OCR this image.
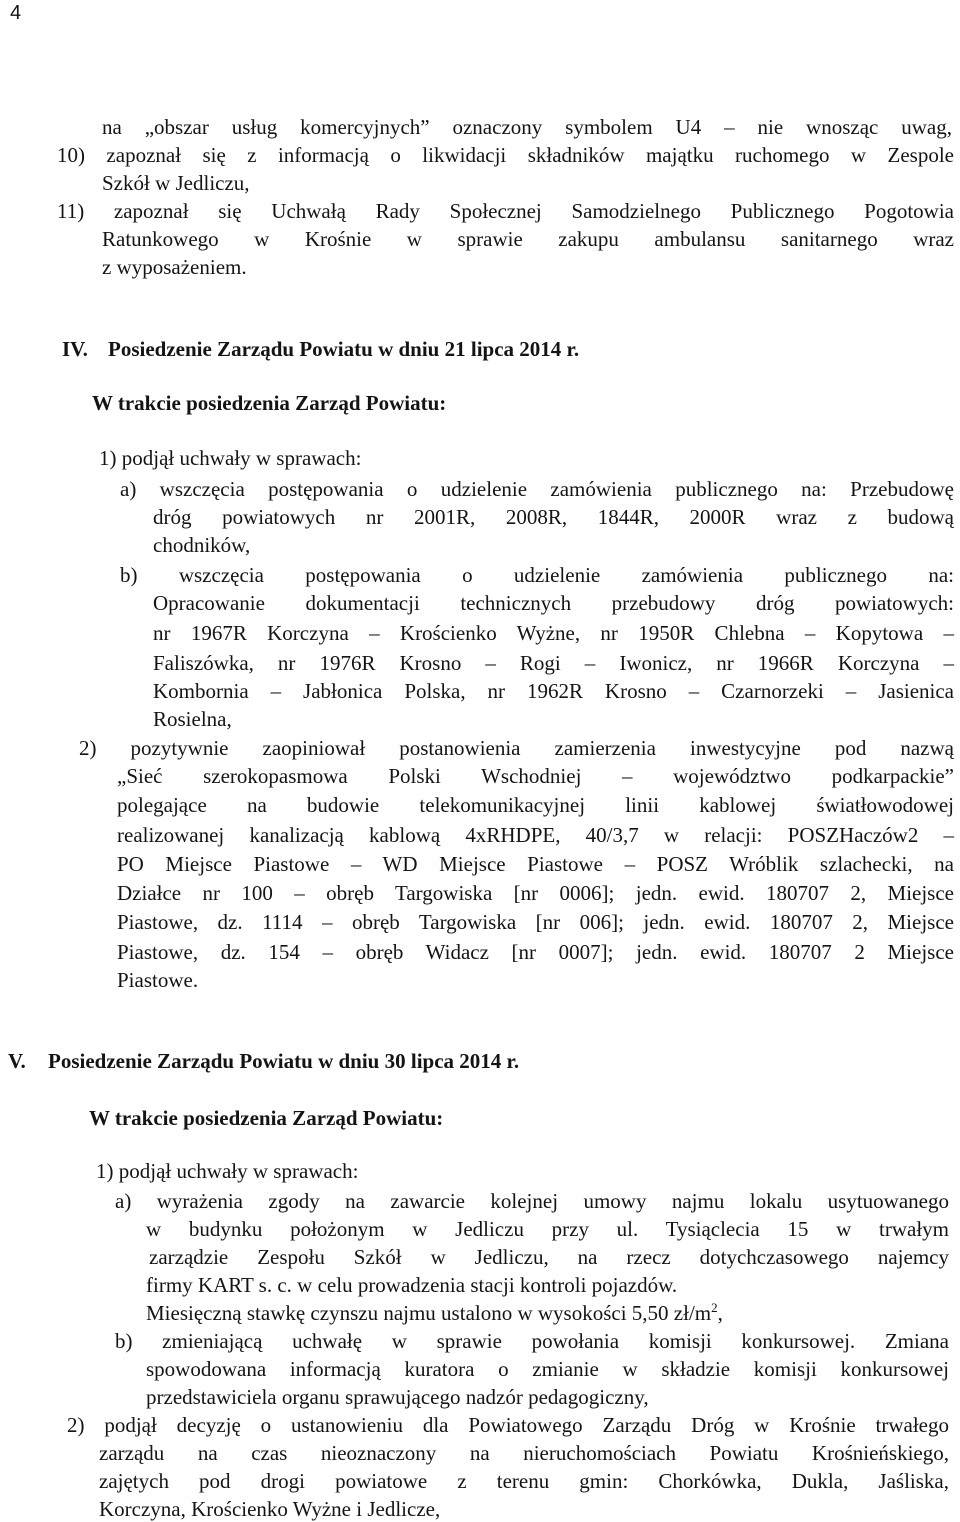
4
na „obszar usług komercyjnych” oznaczony symbolem U4 – nie wnosząc uwag,
10) zapoznał się z informacją o likwidacji składników majątku ruchomego w Zespole
Szkół w Jedliczu,
11) zapoznał się Uchwałą Rady Społecznej Samodzielnego Publicznego Pogotowia
Ratunkowego w Krośnie w sprawie zakupu ambulansu sanitarnego wraz
z wyposażeniem.
IV. Posiedzenie Zarządu Powiatu w dniu 21 lipca 2014 r.
W trakcie posiedzenia Zarząd Powiatu:
1) podjął uchwały w sprawach:
a) wszczęcia postępowania o udzielenie zamówienia publicznego na: Przebudowę
dróg powiatowych nr 2001R, 2008R, 1844R, 2000R wraz z budową
chodników,
b) wszczęcia postępowania o udzielenie zamówienia publicznego na:
Opracowanie dokumentacji technicznych przebudowy dróg powiatowych:
nr 1967R Korczyna – Krościenko Wyżne, nr 1950R Chlebna – Kopytowa –
Faliszówka, nr 1976R Krosno – Rogi – Iwonicz, nr 1966R Korczyna –
Kombornia – Jabłonica Polska, nr 1962R Krosno – Czarnorzeki – Jasienica
Rosielna,
2) pozytywnie zaopiniował postanowienia zamierzenia inwestycyjne pod nazwą
„Sieć szerokopasmowa Polski Wschodniej – województwo podkarpackie”
polegające na budowie telekomunikacyjnej linii kablowej światłowodowej
realizowanej kanalizacją kablową 4xRHDPE, 40/3,7 w relacji: POSZHaczów2 –
PO Miejsce Piastowe – WD Miejsce Piastowe – POSZ Wróblik szlachecki, na
Działce nr 100 – obręb Targowiska [nr 0006]; jedn. ewid. 180707 2, Miejsce
Piastowe, dz. 1114 – obręb Targowiska [nr 006]; jedn. ewid. 180707 2, Miejsce
Piastowe, dz. 154 – obręb Widacz [nr 0007]; jedn. ewid. 180707 2 Miejsce
Piastowe.
V. Posiedzenie Zarządu Powiatu w dniu 30 lipca 2014 r.
W trakcie posiedzenia Zarząd Powiatu:
1) podjął uchwały w sprawach:
a) wyrażenia zgody na zawarcie kolejnej umowy najmu lokalu usytuowanego
w budynku położonym w Jedliczu przy ul. Tysiąclecia 15 w trwałym
zarządzie Zespołu Szkół w Jedliczu, na rzecz dotychczasowego najemcy
firmy KART s. c. w celu prowadzenia stacji kontroli pojazdów.
Miesięczną stawkę czynszu najmu ustalono w wysokości 5,50 $zł/m^2$,
b) zmieniającą uchwałę w sprawie powołania komisji konkursowej. Zmiana
spowodowana informacją kuratora o zmianie w składzie komisji konkursowej
przedstawiciela organu sprawującego nadzór pedagogiczny,
2) podjął decyzję o ustanowieniu dla Powiatowego Zarządu Dróg w Krośnie trwałego
zarządu na czas nieoznaczony na nieruchomościach Powiatu Krośnieńskiego,
zajętych pod drogi powiatowe z terenu gmin: Chorkówka, Dukla, Jaśliska,
Korczyna, Krościenko Wyżne i Jedlicze,
